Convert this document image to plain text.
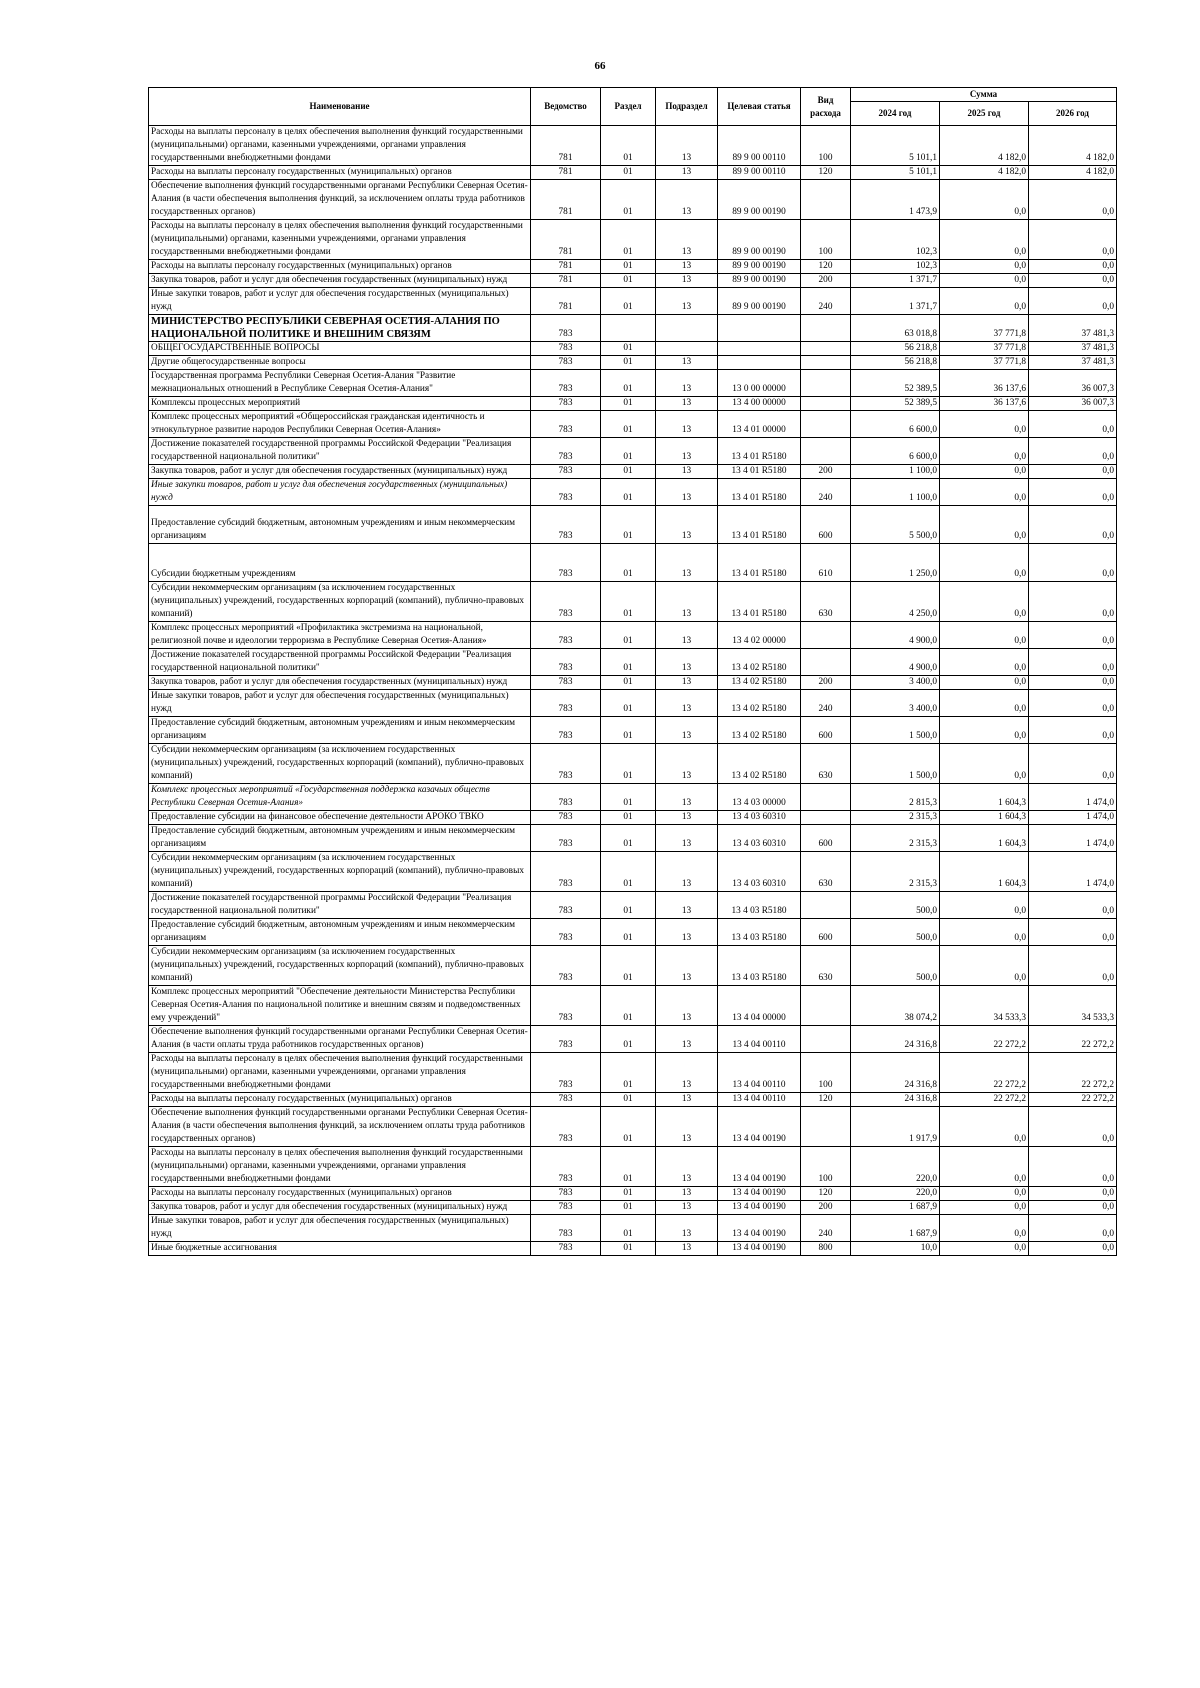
66
Наименование	Ведомство	Раздел	Подраздел	Целевая статья	Вид расхода	Сумма		
						2024 год	2025 год	2026 год
Расходы на выплаты персоналу в целях обеспечения выполнения функций государственными (муниципальными) органами, казенными учреждениями, органами управления государственными внебюджетными фондами	781	01	13	89 9 00 00110	100	5 101,1	4 182,0	4 182,0
Расходы на выплаты персоналу государственных (муниципальных) органов	781	01	13	89 9 00 00110	120	5 101,1	4 182,0	4 182,0
Обеспечение выполнения функций государственными органами Республики Северная Осетия-Алания (в части обеспечения выполнения функций, за исключением оплаты труда работников государственных органов)	781	01	13	89 9 00 00190		1 473,9	0,0	0,0
Расходы на выплаты персоналу в целях обеспечения выполнения функций государственными (муниципальными) органами, казенными учреждениями, органами управления государственными внебюджетными фондами	781	01	13	89 9 00 00190	100	102,3	0,0	0,0
Расходы на выплаты персоналу государственных (муниципальных) органов	781	01	13	89 9 00 00190	120	102,3	0,0	0,0
Закупка товаров, работ и услуг для обеспечения государственных (муниципальных) нужд	781	01	13	89 9 00 00190	200	1 371,7	0,0	0,0
Иные закупки товаров, работ и услуг для обеспечения государственных (муниципальных) нужд	781	01	13	89 9 00 00190	240	1 371,7	0,0	0,0
МИНИСТЕРСТВО РЕСПУБЛИКИ СЕВЕРНАЯ ОСЕТИЯ-АЛАНИЯ ПО НАЦИОНАЛЬНОЙ ПОЛИТИКЕ И ВНЕШНИМ СВЯЗЯМ	783					63 018,8	37 771,8	37 481,3
ОБЩЕГОСУДАРСТВЕННЫЕ ВОПРОСЫ	783	01				56 218,8	37 771,8	37 481,3
Другие общегосударственные вопросы	783	01	13			56 218,8	37 771,8	37 481,3
Государственная программа Республики Северная Осетия-Алания "Развитие межнациональных отношений в Республике Северная Осетия-Алания"	783	01	13	13 0 00 00000		52 389,5	36 137,6	36 007,3
Комплексы процессных мероприятий	783	01	13	13 4 00 00000		52 389,5	36 137,6	36 007,3
Комплекс процессных мероприятий «Общероссийская гражданская идентичность и этнокультурное развитие народов Республики Северная Осетия-Алания»	783	01	13	13 4 01 00000		6 600,0	0,0	0,0
Достижение показателей государственной программы Российской Федерации "Реализация государственной национальной политики"	783	01	13	13 4 01 R5180		6 600,0	0,0	0,0
Закупка товаров, работ и услуг для обеспечения государственных (муниципальных) нужд	783	01	13	13 4 01 R5180	200	1 100,0	0,0	0,0
Иные закупки товаров, работ и услуг для обеспечения государственных (муниципальных) нужд	783	01	13	13 4 01 R5180	240	1 100,0	0,0	0,0
Предоставление субсидий бюджетным, автономным учреждениям и иным некоммерческим организациям	783	01	13	13 4 01 R5180	600	5 500,0	0,0	0,0
Субсидии бюджетным учреждениям	783	01	13	13 4 01 R5180	610	1 250,0	0,0	0,0
Субсидии некоммерческим организациям (за исключением государственных (муниципальных) учреждений, государственных корпораций (компаний), публично-правовых компаний)	783	01	13	13 4 01 R5180	630	4 250,0	0,0	0,0
Комплекс процессных мероприятий «Профилактика экстремизма на национальной, религиозной почве и идеологии терроризма в Республике Северная Осетия-Алания»	783	01	13	13 4 02 00000		4 900,0	0,0	0,0
Достижение показателей государственной программы Российской Федерации "Реализация государственной национальной политики"	783	01	13	13 4 02 R5180		4 900,0	0,0	0,0
Закупка товаров, работ и услуг для обеспечения государственных (муниципальных) нужд	783	01	13	13 4 02 R5180	200	3 400,0	0,0	0,0
Иные закупки товаров, работ и услуг для обеспечения государственных (муниципальных) нужд	783	01	13	13 4 02 R5180	240	3 400,0	0,0	0,0
Предоставление субсидий бюджетным, автономным учреждениям и иным некоммерческим организациям	783	01	13	13 4 02 R5180	600	1 500,0	0,0	0,0
Субсидии некоммерческим организациям (за исключением государственных (муниципальных) учреждений, государственных корпораций (компаний), публично-правовых компаний)	783	01	13	13 4 02 R5180	630	1 500,0	0,0	0,0
Комплекс процессных мероприятий «Государственная поддержка казачьих обществ Республики Северная Осетия-Алания»	783	01	13	13 4 03 00000		2 815,3	1 604,3	1 474,0
Предоставление субсидии на финансовое обеспечение деятельности АРОКО ТВКО	783	01	13	13 4 03 60310		2 315,3	1 604,3	1 474,0
Предоставление субсидий бюджетным, автономным учреждениям и иным некоммерческим организациям	783	01	13	13 4 03 60310	600	2 315,3	1 604,3	1 474,0
Субсидии некоммерческим организациям (за исключением государственных (муниципальных) учреждений, государственных корпораций (компаний), публично-правовых компаний)	783	01	13	13 4 03 60310	630	2 315,3	1 604,3	1 474,0
Достижение показателей государственной программы Российской Федерации "Реализация государственной национальной политики"	783	01	13	13 4 03 R5180		500,0	0,0	0,0
Предоставление субсидий бюджетным, автономным учреждениям и иным некоммерческим организациям	783	01	13	13 4 03 R5180	600	500,0	0,0	0,0
Субсидии некоммерческим организациям (за исключением государственных (муниципальных) учреждений, государственных корпораций (компаний), публично-правовых компаний)	783	01	13	13 4 03 R5180	630	500,0	0,0	0,0
Комплекс процессных мероприятий "Обеспечение деятельности Министерства Республики Северная Осетия-Алания по национальной политике и внешним связям и подведомственных ему учреждений"	783	01	13	13 4 04 00000		38 074,2	34 533,3	34 533,3
Обеспечение выполнения функций государственными органами Республики Северная Осетия-Алания (в части оплаты труда работников государственных органов)	783	01	13	13 4 04 00110		24 316,8	22 272,2	22 272,2
Расходы на выплаты персоналу в целях обеспечения выполнения функций государственными (муниципальными) органами, казенными учреждениями, органами управления государственными внебюджетными фондами	783	01	13	13 4 04 00110	100	24 316,8	22 272,2	22 272,2
Расходы на выплаты персоналу государственных (муниципальных) органов	783	01	13	13 4 04 00110	120	24 316,8	22 272,2	22 272,2
Обеспечение выполнения функций государственными органами Республики Северная Осетия-Алания (в части обеспечения выполнения функций, за исключением оплаты труда работников государственных органов)	783	01	13	13 4 04 00190		1 917,9	0,0	0,0
Расходы на выплаты персоналу в целях обеспечения выполнения функций государственными (муниципальными) органами, казенными учреждениями, органами управления государственными внебюджетными фондами	783	01	13	13 4 04 00190	100	220,0	0,0	0,0
Расходы на выплаты персоналу государственных (муниципальных) органов	783	01	13	13 4 04 00190	120	220,0	0,0	0,0
Закупка товаров, работ и услуг для обеспечения государственных (муниципальных) нужд	783	01	13	13 4 04 00190	200	1 687,9	0,0	0,0
Иные закупки товаров, работ и услуг для обеспечения государственных (муниципальных) нужд	783	01	13	13 4 04 00190	240	1 687,9	0,0	0,0
Иные бюджетные ассигнования	783	01	13	13 4 04 00190	800	10,0	0,0	0,0
